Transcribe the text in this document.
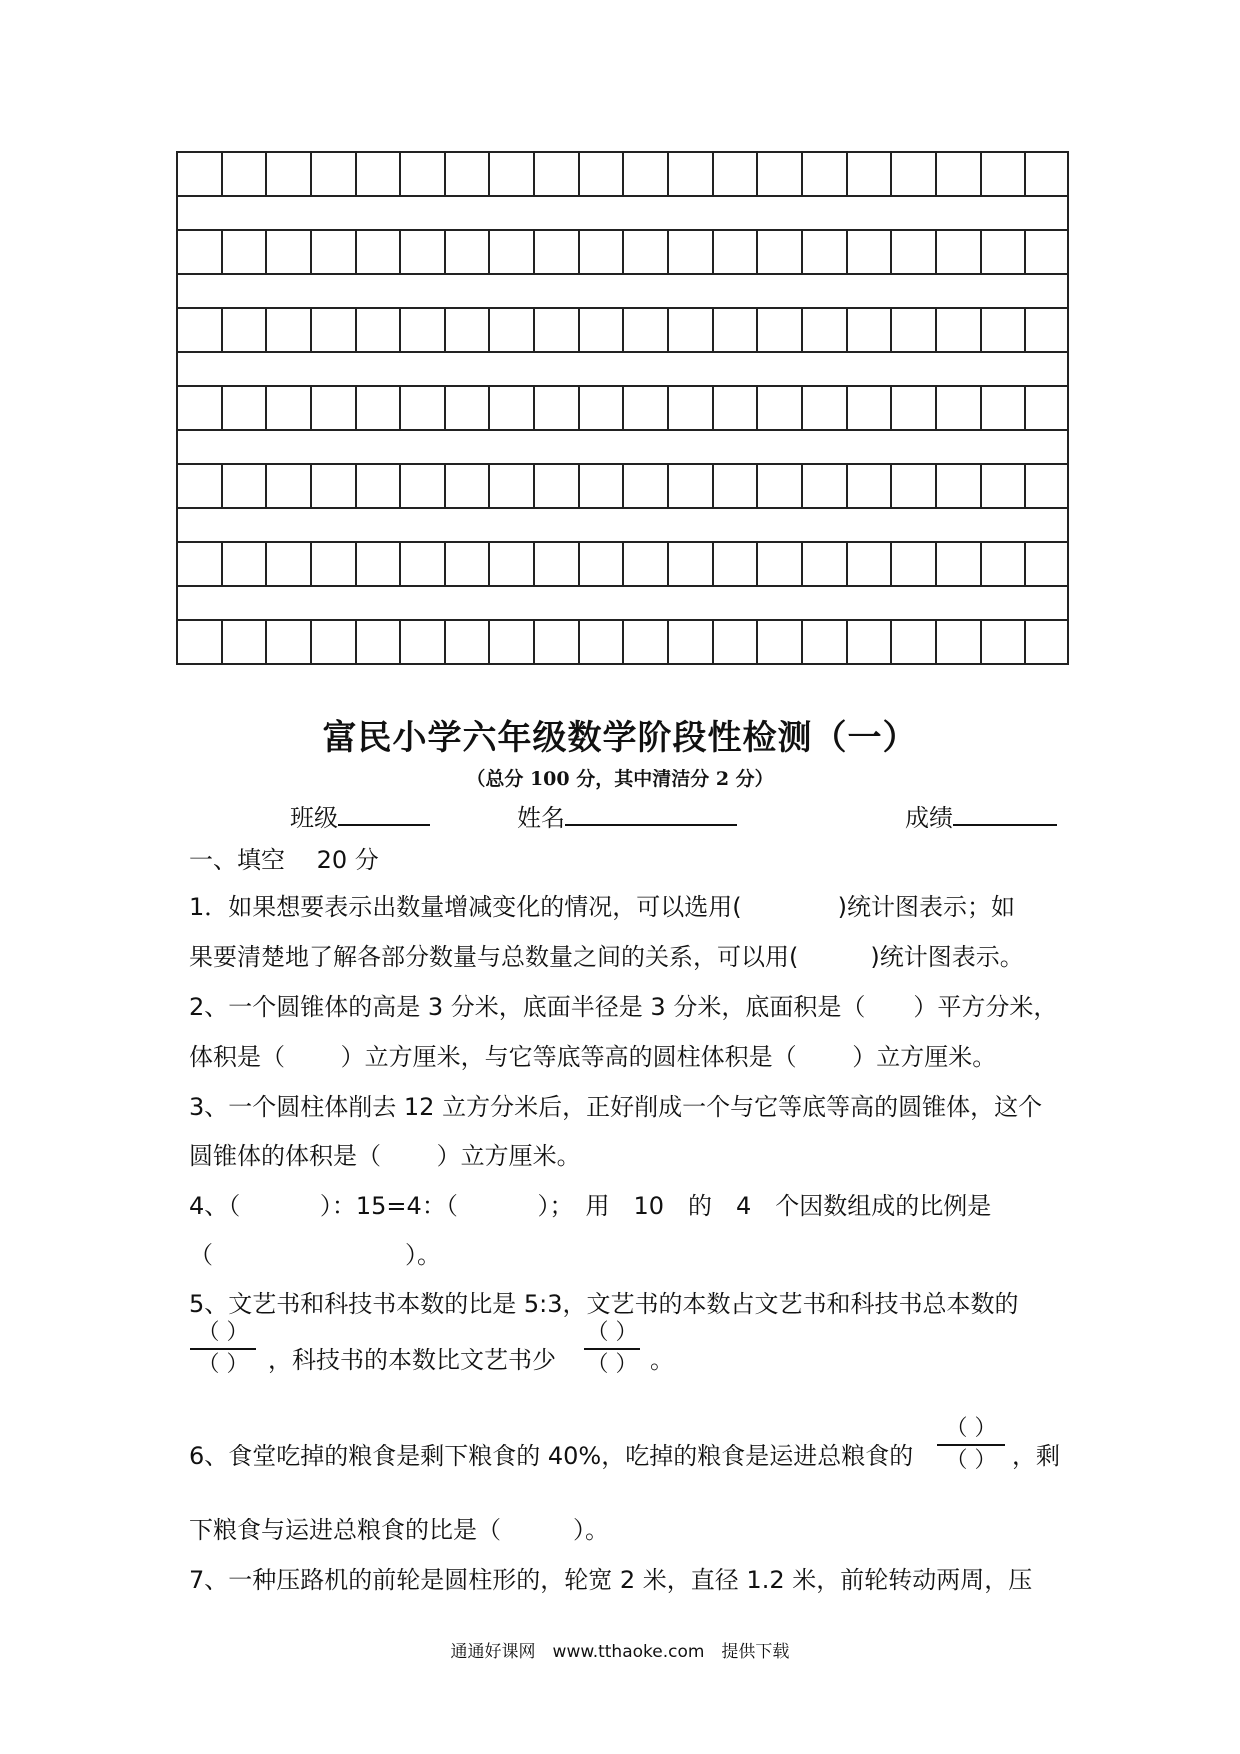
富民小学六年级数学阶段性检测（一）
（总分 100 分，其中清洁分 2 分）
班级	姓名	成绩
一、填空　 20 分
1．如果想要表示出数量增减变化的情况，可以选用(　　　　)统计图表示；如
果要清楚地了解各部分数量与总数量之间的关系，可以用(　　　)统计图表示。
2、一个圆锥体的高是 3 分米，底面半径是 3 分米，底面积是（　　）平方分米，
体积是（　　 ）立方厘米，与它等底等高的圆柱体积是（　　 ）立方厘米。
3、一个圆柱体削去 12 立方分米后，正好削成一个与它等底等高的圆锥体，这个
圆锥体的体积是（　　 ）立方厘米。
4、（　　　 ）：15=4：（　　　 ）；　用　10　的　4　个因数组成的比例是
（　　　　　　　　）。
5、文艺书和科技书本数的比是 5:3，文艺书的本数占文艺书和科技书总本数的
（ ）
（ ） ，科技书的本数比文艺书少
（ ）
（ ） 。
6、食堂吃掉的粮食是剩下粮食的 40%，吃掉的粮食是运进总粮食的
（ ）
（ ） ，剩
下粮食与运进总粮食的比是（　　　）。
7、一种压路机的前轮是圆柱形的，轮宽 2 米，直径 1.2 米，前轮转动两周，压
通通好课网　www.tthaoke.com　提供下载
